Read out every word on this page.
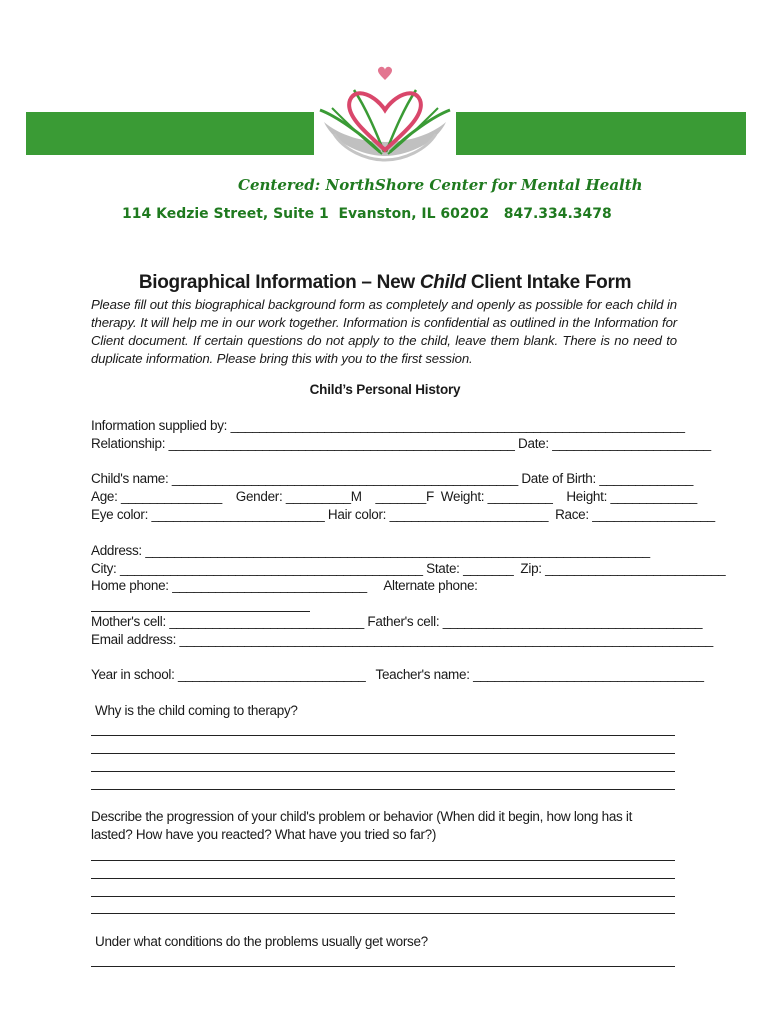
Centered: NorthShore Center for Mental Health
114 Kedzie Street, Suite 1  Evanston, IL 60202   847.334.3478
Biographical Information – New Child Client Intake Form
Please fill out this biographical background form as completely and openly as possible for each child in therapy. It will help me in our work together. Information is confidential as outlined in the Information for Client document. If certain questions do not apply to the child, leave them blank. There is no need to duplicate information. Please bring this with you to the first session.
Child’s Personal History
Information supplied by: _______________________________________________________________
Relationship: ________________________________________________ Date: ______________________
Child's name: ________________________________________________ Date of Birth: _____________
Age: ______________    Gender: _________M    _______F  Weight: _________    Height: ____________
Eye color: ________________________ Hair color: ______________________  Race: _________________
Address: ______________________________________________________________________
City: __________________________________________ State: _______  Zip: _________________________
Home phone: ___________________________     Alternate phone:
Mother's cell: ___________________________ Father's cell: ____________________________________
Email address: __________________________________________________________________________
Year in school: __________________________   Teacher's name: ________________________________
Why is the child coming to therapy?
Describe the progression of your child's problem or behavior (When did it begin, how long has it lasted? How have you reacted? What have you tried so far?)
Under what conditions do the problems usually get worse?
